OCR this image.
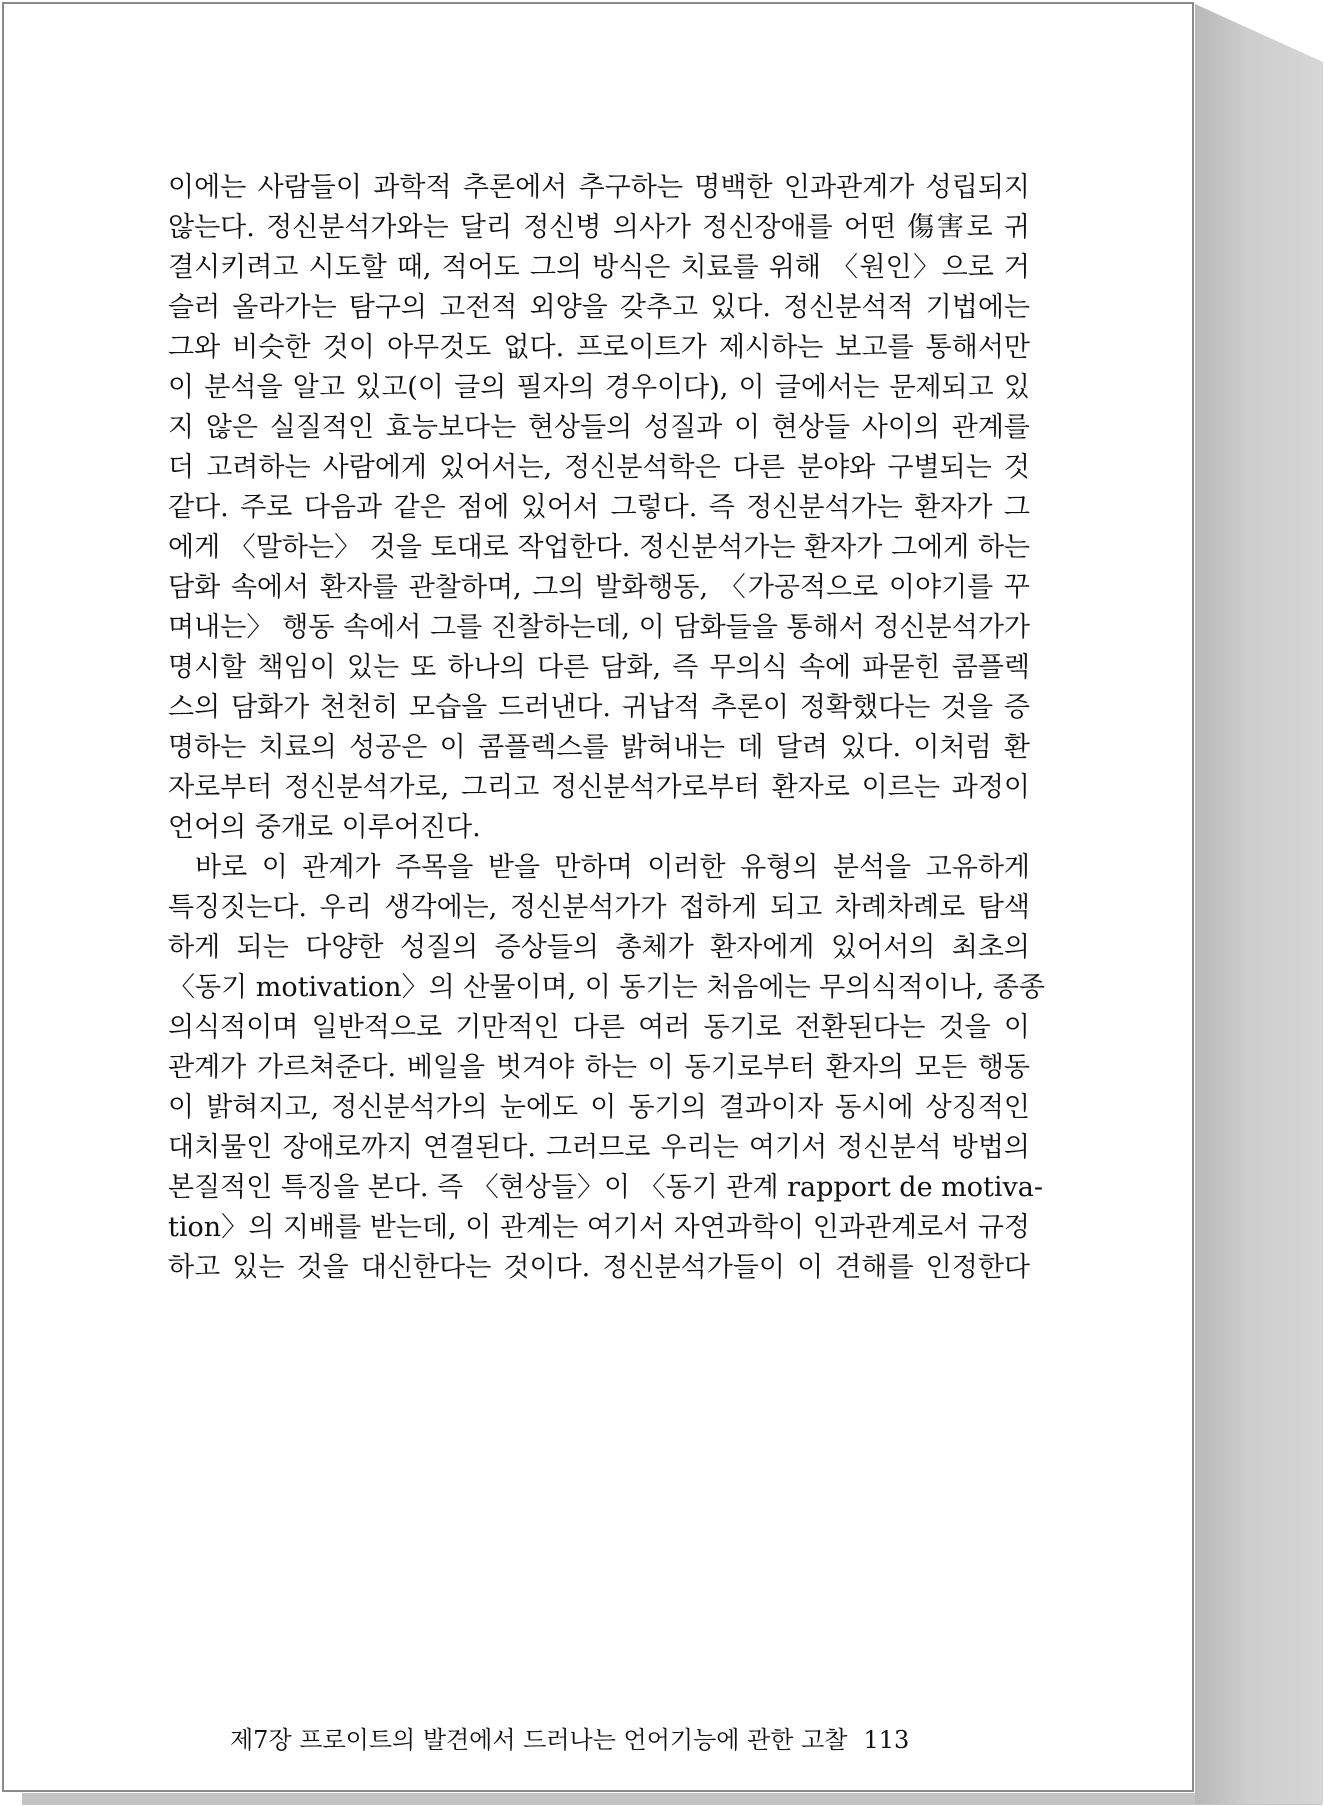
이에는 사람들이 과학적 추론에서 추구하는 명백한 인과관계가 성립되지
않는다. 정신분석가와는 달리 정신병 의사가 정신장애를 어떤 傷害로 귀
결시키려고 시도할 때, 적어도 그의 방식은 치료를 위해 〈원인〉으로 거
슬러 올라가는 탐구의 고전적 외양을 갖추고 있다. 정신분석적 기법에는
그와 비슷한 것이 아무것도 없다. 프로이트가 제시하는 보고를 통해서만
이 분석을 알고 있고(이 글의 필자의 경우이다), 이 글에서는 문제되고 있
지 않은 실질적인 효능보다는 현상들의 성질과 이 현상들 사이의 관계를
더 고려하는 사람에게 있어서는, 정신분석학은 다른 분야와 구별되는 것
같다. 주로 다음과 같은 점에 있어서 그렇다. 즉 정신분석가는 환자가 그
에게 〈말하는〉 것을 토대로 작업한다. 정신분석가는 환자가 그에게 하는
담화 속에서 환자를 관찰하며, 그의 발화행동, 〈가공적으로 이야기를 꾸
며내는〉 행동 속에서 그를 진찰하는데, 이 담화들을 통해서 정신분석가가
명시할 책임이 있는 또 하나의 다른 담화, 즉 무의식 속에 파묻힌 콤플렉
스의 담화가 천천히 모습을 드러낸다. 귀납적 추론이 정확했다는 것을 증
명하는 치료의 성공은 이 콤플렉스를 밝혀내는 데 달려 있다. 이처럼 환
자로부터 정신분석가로, 그리고 정신분석가로부터 환자로 이르는 과정이
언어의 중개로 이루어진다.
바로 이 관계가 주목을 받을 만하며 이러한 유형의 분석을 고유하게
특징짓는다. 우리 생각에는, 정신분석가가 접하게 되고 차례차례로 탐색
하게 되는 다양한 성질의 증상들의 총체가 환자에게 있어서의 최초의
〈동기 motivation〉의 산물이며, 이 동기는 처음에는 무의식적이나, 종종
의식적이며 일반적으로 기만적인 다른 여러 동기로 전환된다는 것을 이
관계가 가르쳐준다. 베일을 벗겨야 하는 이 동기로부터 환자의 모든 행동
이 밝혀지고, 정신분석가의 눈에도 이 동기의 결과이자 동시에 상징적인
대치물인 장애로까지 연결된다. 그러므로 우리는 여기서 정신분석 방법의
본질적인 특징을 본다. 즉 〈현상들〉이 〈동기 관계 rapport de motiva-
tion〉의 지배를 받는데, 이 관계는 여기서 자연과학이 인과관계로서 규정
하고 있는 것을 대신한다는 것이다. 정신분석가들이 이 견해를 인정한다
제7장 프로이트의 발견에서 드러나는 언어기능에 관한 고찰 113
